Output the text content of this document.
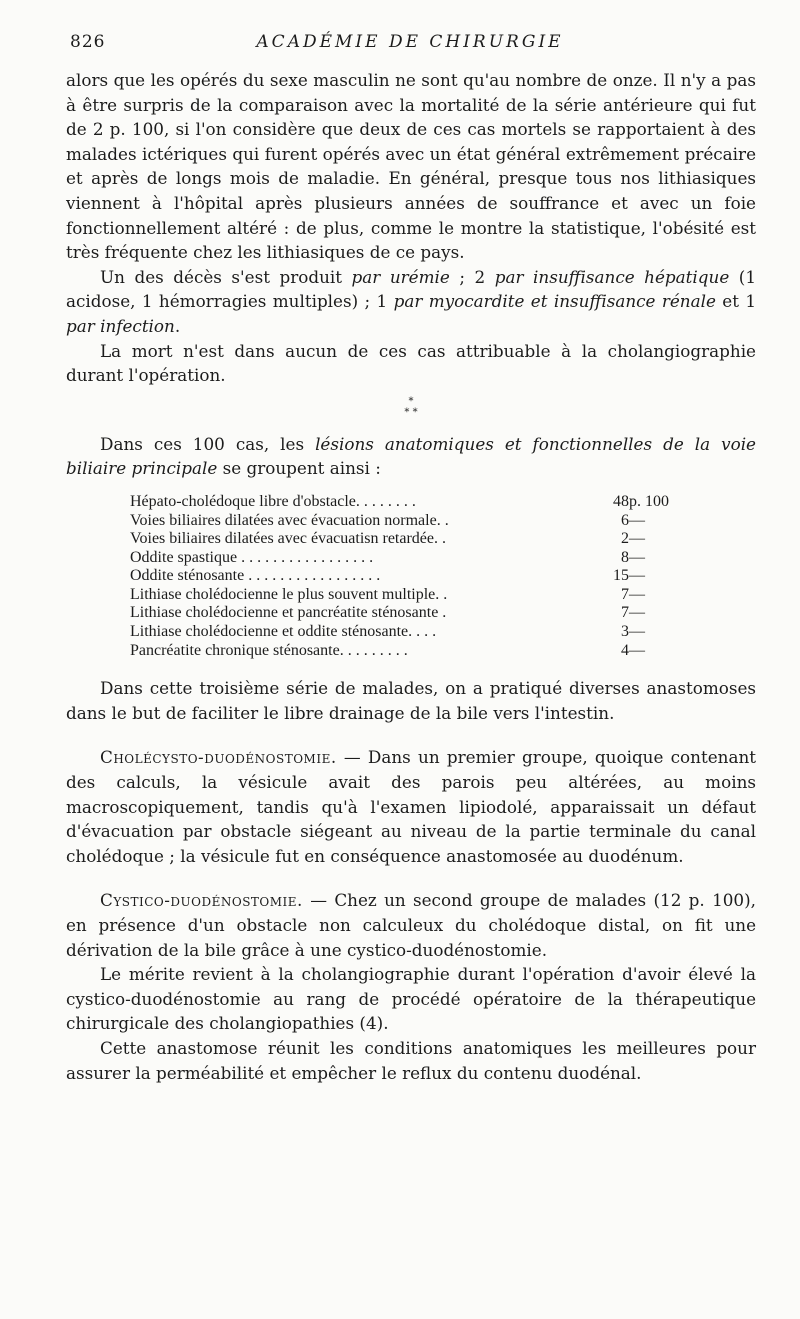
826	ACADÉMIE DE CHIRURGIE

alors que les opérés du sexe masculin ne sont qu'au nombre de onze. Il n'y a pas à être surpris de la comparaison avec la mortalité de la série antérieure qui fut de 2 p. 100, si l'on considère que deux de ces cas mortels se rapportaient à des malades ictériques qui furent opérés avec un état général extrêmement précaire et après de longs mois de maladie. En général, presque tous nos lithiasiques viennent à l'hôpital après plusieurs années de souffrance et avec un foie fonctionnellement altéré : de plus, comme le montre la statistique, l'obésité est très fréquente chez les lithiasiques de ce pays.

Un des décès s'est produit par urémie ; 2 par insuffisance hépatique (1 acidose, 1 hémorragies multiples) ; 1 par myocardite et insuffisance rénale et 1 par infection.

La mort n'est dans aucun de ces cas attribuable à la cholangiographie durant l'opération.

*
* *

Dans ces 100 cas, les lésions anatomiques et fonctionnelles de la voie biliaire principale se groupent ainsi :

Hépato-cholédoque libre d'obstacle. . . . . . . .	48	p. 100
Voies biliaires dilatées avec évacuation normale. .	6	—
Voies biliaires dilatées avec évacuatisn retardée. .	2	—
Oddite spastique . . . . . . . . . . . . . . . . .	8	—
Oddite sténosante . . . . . . . . . . . . . . . . .	15	—
Lithiase cholédocienne le plus souvent multiple. .	7	—
Lithiase cholédocienne et pancréatite sténosante .	7	—
Lithiase cholédocienne et oddite sténosante. . . .	3	—
Pancréatite chronique sténosante. . . . . . . . .	4	—

Dans cette troisième série de malades, on a pratiqué diverses anastomoses dans le but de faciliter le libre drainage de la bile vers l'intestin.

Cholécysto-duodénostomie. — Dans un premier groupe, quoique contenant des calculs, la vésicule avait des parois peu altérées, au moins macroscopiquement, tandis qu'à l'examen lipiodolé, apparaissait un défaut d'évacuation par obstacle siégeant au niveau de la partie terminale du canal cholédoque ; la vésicule fut en conséquence anastomosée au duodénum.

Cystico-duodénostomie. — Chez un second groupe de malades (12 p. 100), en présence d'un obstacle non calculeux du cholédoque distal, on fit une dérivation de la bile grâce à une cystico-duodénostomie.

Le mérite revient à la cholangiographie durant l'opération d'avoir élevé la cystico-duodénostomie au rang de procédé opératoire de la thérapeutique chirurgicale des cholangiopathies (4).

Cette anastomose réunit les conditions anatomiques les meilleures pour assurer la perméabilité et empêcher le reflux du contenu duodénal.
